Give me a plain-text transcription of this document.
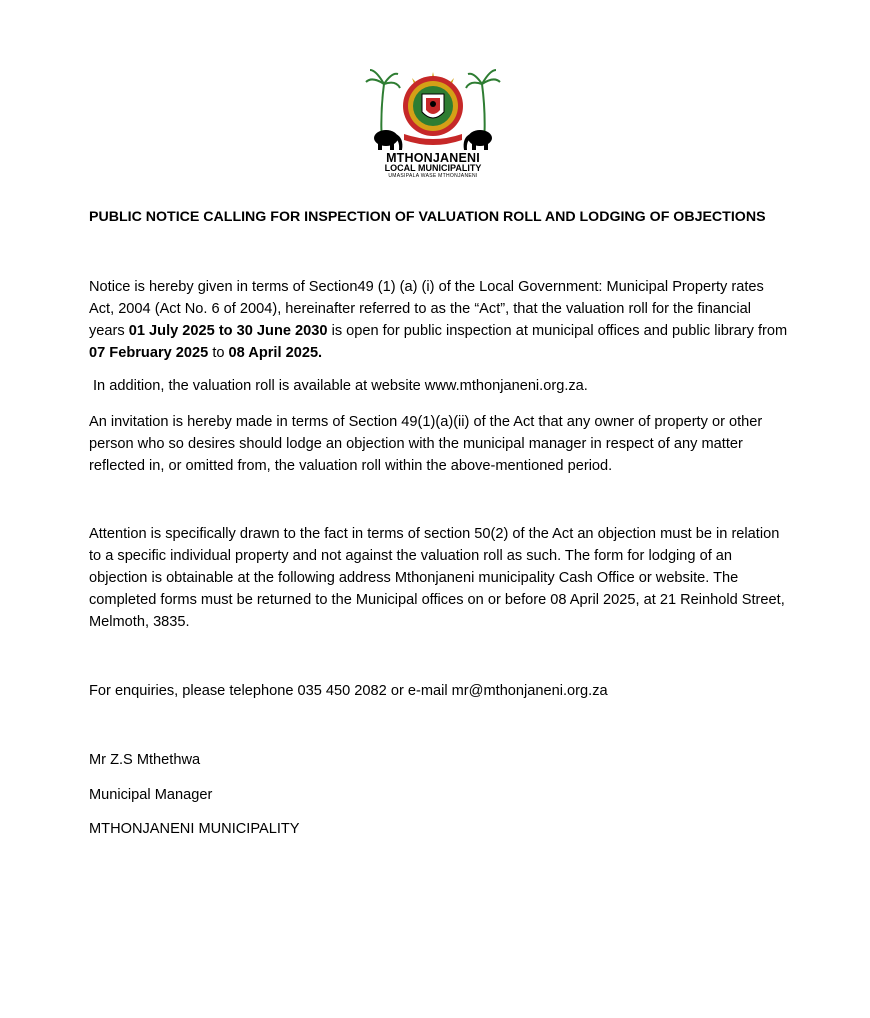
MTHONJANENI
LOCAL MUNICIPALITY
UMASIPALA WASE MTHONJANENI
PUBLIC NOTICE CALLING FOR INSPECTION OF VALUATION ROLL AND LODGING OF OBJECTIONS

Notice is hereby given in terms of Section49 (1) (a) (i) of the Local Government: Municipal Property rates Act, 2004 (Act No. 6 of 2004), hereinafter referred to as the “Act”, that the valuation roll for the financial years 01 July 2025 to 30 June 2030 is open for public inspection at municipal offices and public library from 07 February 2025 to 08 April 2025.

In addition, the valuation roll is available at website www.mthonjaneni.org.za.

An invitation is hereby made in terms of Section 49(1)(a)(ii) of the Act that any owner of property or other person who so desires should lodge an objection with the municipal manager in respect of any matter reflected in, or omitted from, the valuation roll within the above-mentioned period.

Attention is specifically drawn to the fact in terms of section 50(2) of the Act an objection must be in relation to a specific individual property and not against the valuation roll as such. The form for lodging of an objection is obtainable at the following address Mthonjaneni municipality Cash Office or website. The completed forms must be returned to the Municipal offices on or before 08 April 2025, at 21 Reinhold Street, Melmoth, 3835.

For enquiries, please telephone 035 450 2082 or e-mail mr@mthonjaneni.org.za

Mr Z.S Mthethwa
Municipal Manager
MTHONJANENI MUNICIPALITY
